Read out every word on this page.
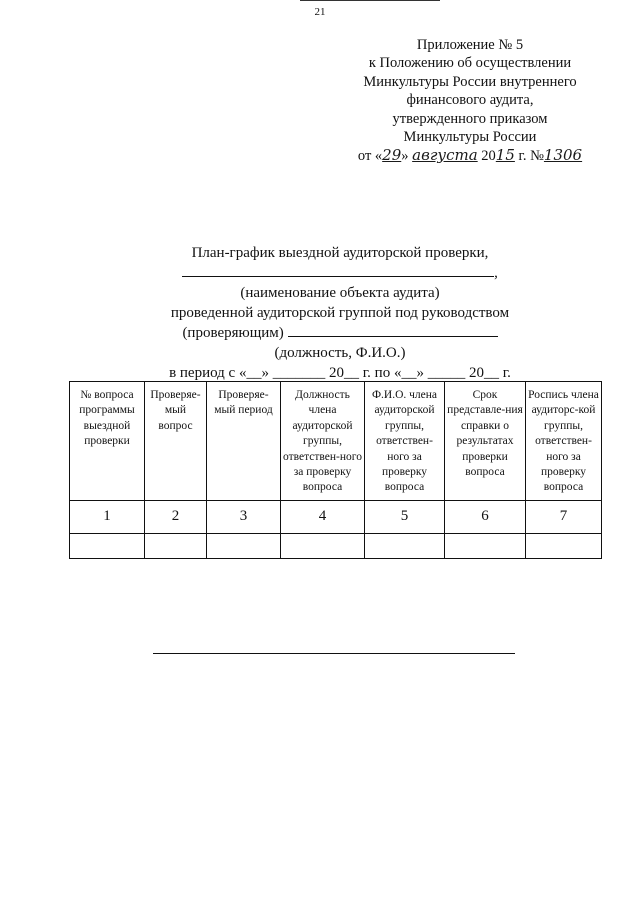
21
Приложение № 5
к Положению об осуществлении
Минкультуры России внутреннего
финансового аудита,
утвержденного приказом
Минкультуры России
от «29» августа 2015 г. №1306
План-график выездной аудиторской проверки,
,
(наименование объекта аудита)
проведенной аудиторской группой под руководством
(проверяющим)
(должность, Ф.И.О.)
в период с «__» _______ 20__ г. по «__» _____ 20__ г.
№ вопроса программы выездной проверки	Проверяе-мый вопрос	Проверяе-мый период	Должность члена аудиторской группы, ответствен-ного за проверку вопроса	Ф.И.О. члена аудиторской группы, ответствен-ного за проверку вопроса	Срок представле-ния справки о результатах проверки вопроса	Роспись члена аудиторс-кой группы, ответствен-ного за проверку вопроса
1	2	3	4	5	6	7
